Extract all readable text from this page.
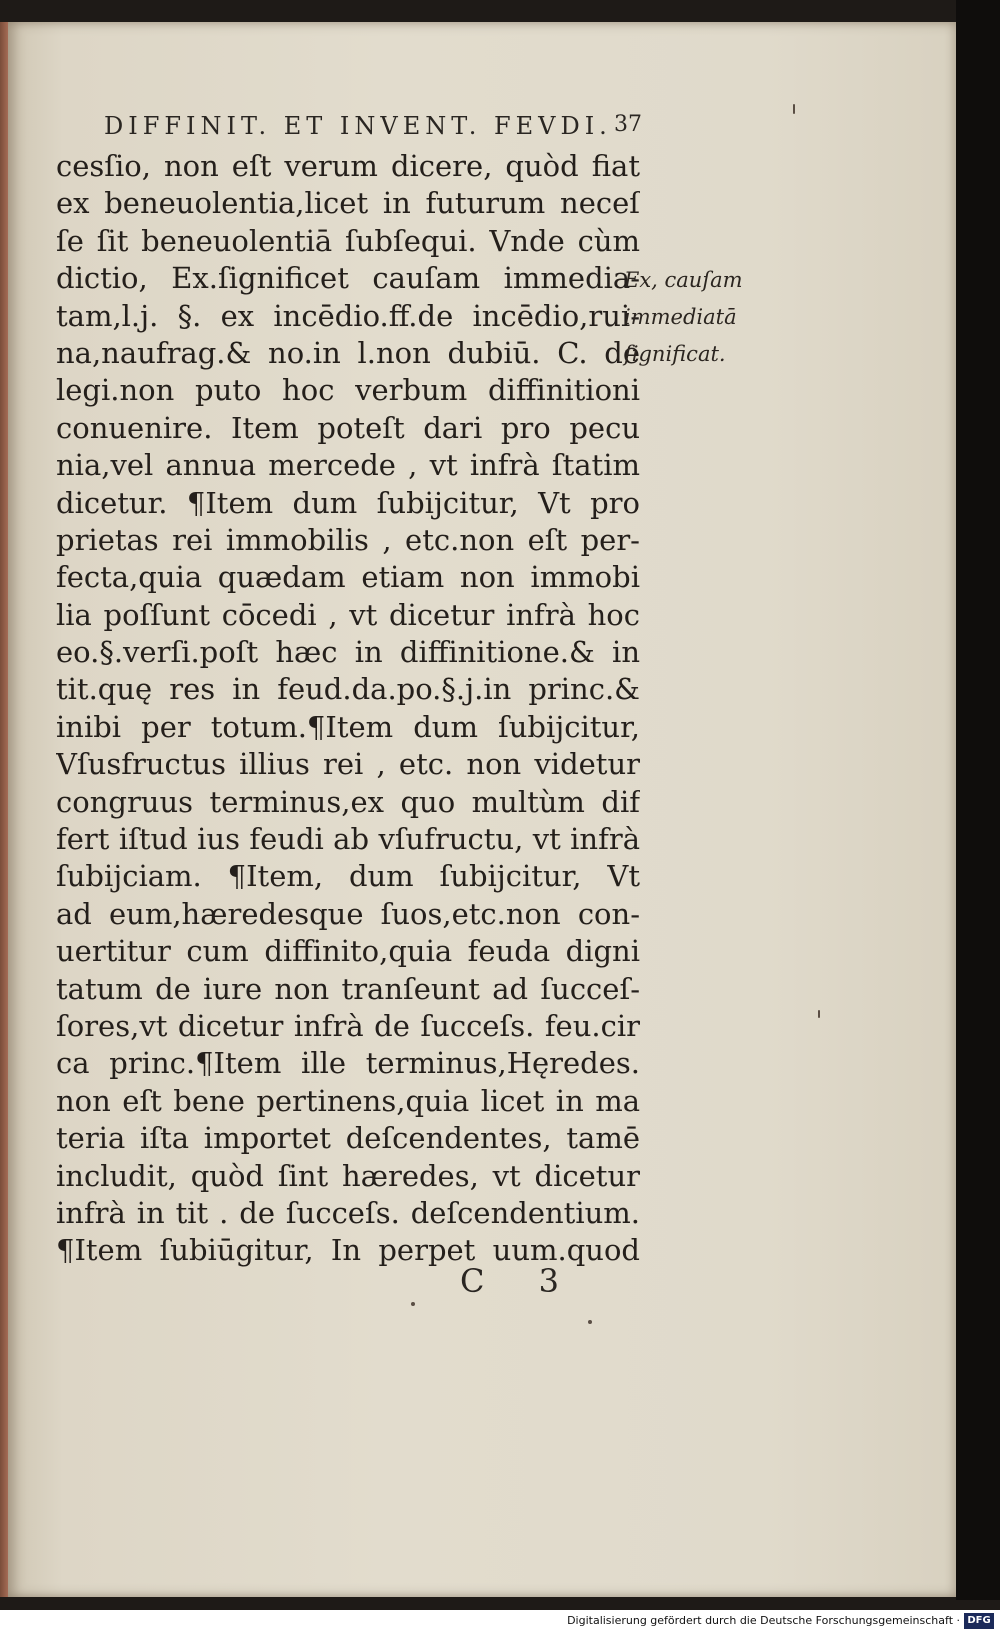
DIFFINIT. ET INVENT. FEVDI. 37
cesſio, non eſt verum dicere, quòd fiat
ex beneuolentia,licet in futurum neceſ
ſe ſit beneuolentiā ſubſequi. Vnde cùm
dictio, Ex.ſignificet cauſam immedia-
tam,l.j. §. ex incēdio.ff.de incēdio,rui-
na,naufrag.& no.in l.non dubiū. C. de
legi.non puto hoc verbum diffinitioni
conuenire. Item poteſt dari pro pecu
nia,vel annua mercede , vt infrà ſtatim
dicetur. ¶Item dum ſubijcitur, Vt pro
prietas rei immobilis , etc.non eſt per-
fecta,quia quædam etiam non immobi
lia poſſunt cōcedi , vt dicetur infrà hoc
eo.§.verſi.poſt hæc in diffinitione.& in
tit.quę res in feud.da.po.§.j.in princ.&
inibi per totum.¶Item dum ſubijcitur,
Vſusfructus illius rei , etc. non videtur
congruus terminus,ex quo multùm dif
fert iſtud ius feudi ab vſufructu, vt infrà
ſubijciam. ¶Item, dum ſubijcitur, Vt
ad eum,hæredesque ſuos,etc.non con-
uertitur cum diffinito,quia feuda digni
tatum de iure non tranſeunt ad ſucceſ-
ſores,vt dicetur infrà de ſucceſs. feu.cir
ca princ.¶Item ille terminus,Hęredes.
non eſt bene pertinens,quia licet in ma
teria iſta importet deſcendentes, tamē
includit, quòd ſint hæredes, vt dicetur
infrà in tit . de ſucceſs. deſcendentium.
¶Item ſubiūgitur, In perpet uum.quod
Ex, cauſam
immediatā
ſignificat.
C 3
Digitalisierung gefördert durch die Deutsche Forschungsgemeinschaft · DFG
